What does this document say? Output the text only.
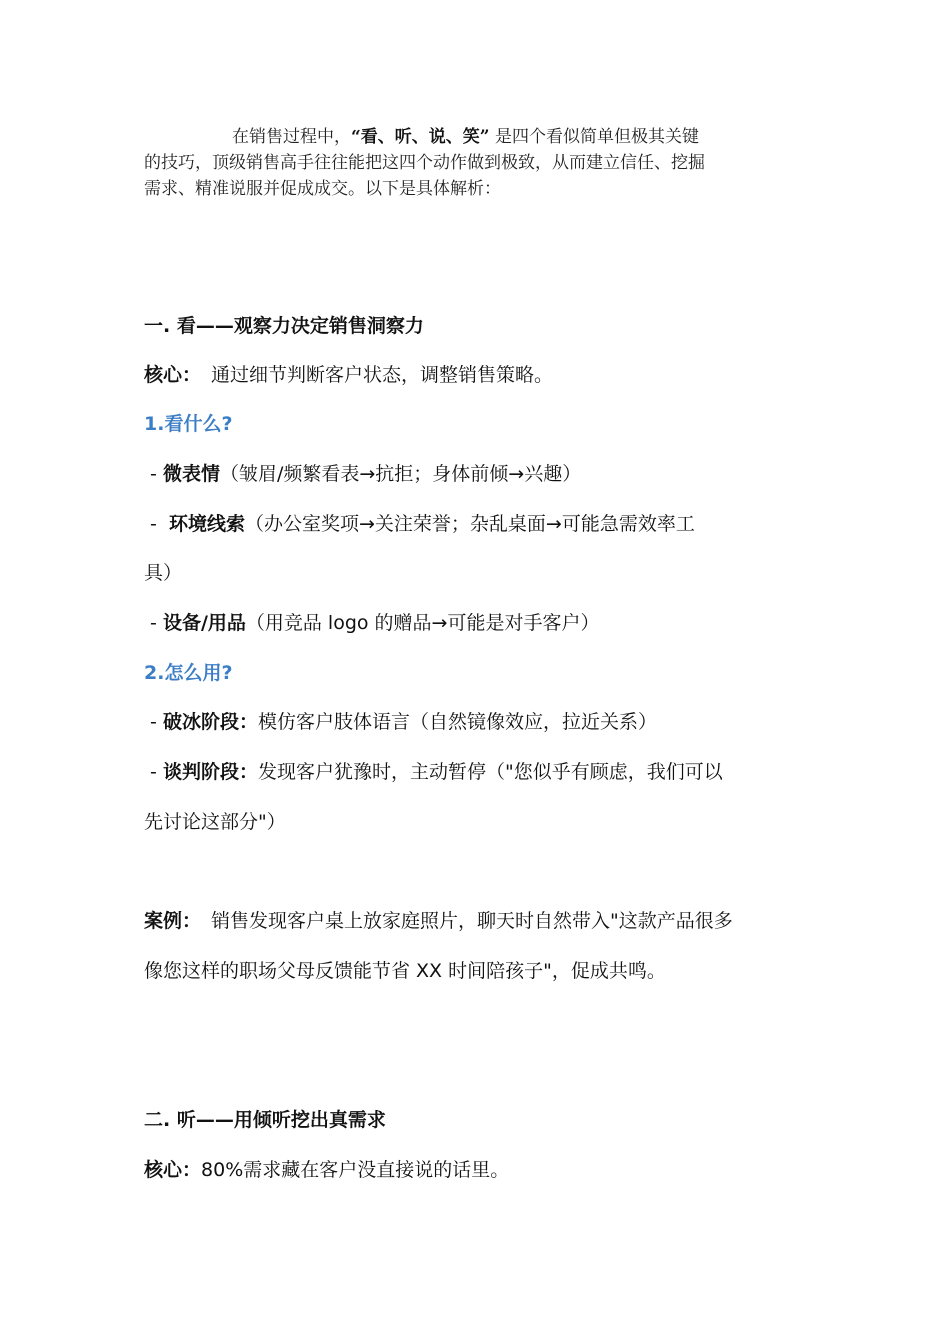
在销售过程中，“看、听、说、笑” 是四个看似简单但极其关键
的技巧，顶级销售高手往往能把这四个动作做到极致，从而建立信任、挖掘
需求、精准说服并促成成交。以下是具体解析：
一. 看——观察力决定销售洞察力
核心： 通过细节判断客户状态，调整销售策略。
1.看什么?
- 微表情（皱眉/频繁看表→抗拒；身体前倾→兴趣）
-  环境线索（办公室奖项→关注荣誉；杂乱桌面→可能急需效率工
具）
- 设备/用品（用竞品 logo 的赠品→可能是对手客户）
2.怎么用?
- 破冰阶段：模仿客户肢体语言（自然镜像效应，拉近关系）
- 谈判阶段：发现客户犹豫时，主动暂停（"您似乎有顾虑，我们可以
先讨论这部分"）
案例： 销售发现客户桌上放家庭照片，聊天时自然带入"这款产品很多
像您这样的职场父母反馈能节省 XX 时间陪孩子"，促成共鸣。
二. 听——用倾听挖出真需求
核心：80%需求藏在客户没直接说的话里。
